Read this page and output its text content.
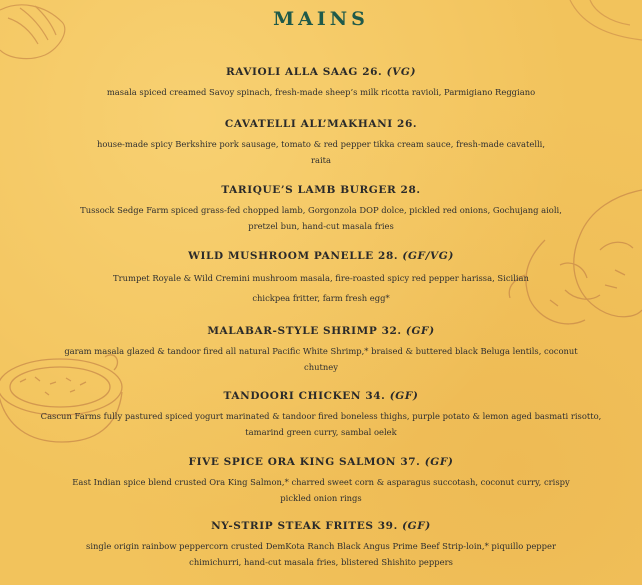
MAINS
RAVIOLI ALLA SAAG 26. (VG)
masala spiced creamed Savoy spinach, fresh-made sheep’s milk ricotta ravioli, Parmigiano Reggiano
CAVATELLI ALL’MAKHANI 26.
house-made spicy Berkshire pork sausage, tomato & red pepper tikka cream sauce, fresh-made cavatelli, raita
TARIQUE’S LAMB BURGER 28.
Tussock Sedge Farm spiced grass-fed chopped lamb, Gorgonzola DOP dolce, pickled red onions, Gochujang aioli, pretzel bun, hand-cut masala fries
WILD MUSHROOM PANELLE 28. (GF/VG)
Trumpet Royale & Wild Cremini mushroom masala, fire-roasted spicy red pepper harissa, Sicilian chickpea fritter, farm fresh egg*
MALABAR-STYLE SHRIMP 32. (GF)
garam masala glazed & tandoor fired all natural Pacific White Shrimp,* braised & buttered black Beluga lentils, coconut chutney
TANDOORI CHICKEN 34. (GF)
Cascun Farms fully pastured spiced yogurt marinated & tandoor fired boneless thighs, purple potato & lemon aged basmati risotto, tamarind green curry, sambal oelek
FIVE SPICE ORA KING SALMON 37. (GF)
East Indian spice blend crusted Ora King Salmon,* charred sweet corn & asparagus succotash, coconut curry, crispy pickled onion rings
NY-STRIP STEAK FRITES 39. (GF)
single origin rainbow peppercorn crusted DemKota Ranch Black Angus Prime Beef Strip-loin,* piquillo pepper chimichurri, hand-cut masala fries, blistered Shishito peppers
